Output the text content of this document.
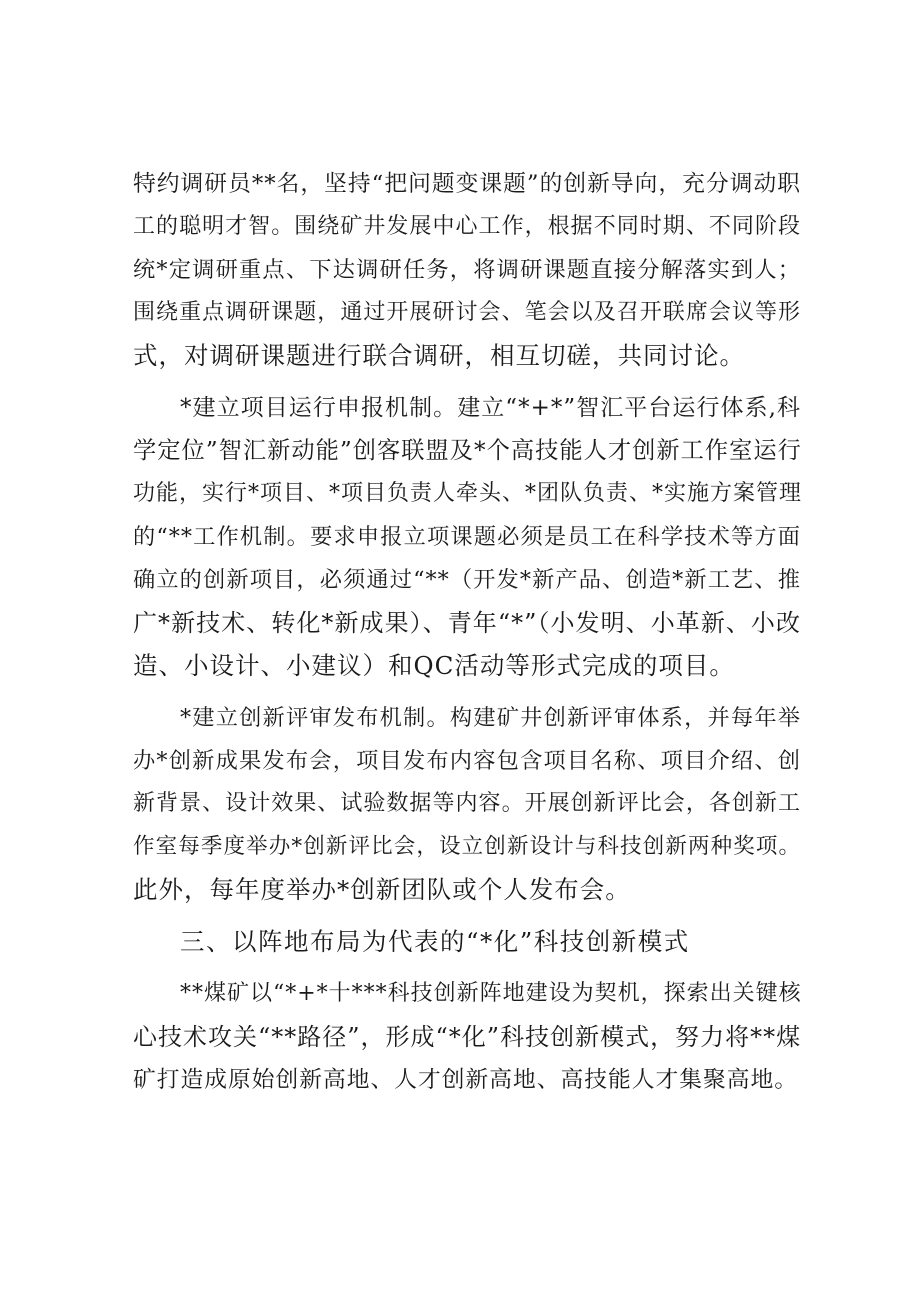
特约调研员**名，坚持“把问题变课题”的创新导向，充分调动职
工的聪明才智。围绕矿井发展中心工作，根据不同时期、不同阶段
统*定调研重点、下达调研任务，将调研课题直接分解落实到人；
围绕重点调研课题，通过开展研讨会、笔会以及召开联席会议等形
式，对调研课题进行联合调研，相互切磋，共同讨论。
*建立项目运行申报机制。建立“*+*”智汇平台运行体系,科
学定位”智汇新动能”创客联盟及*个高技能人才创新工作室运行
功能，实行*项目、*项目负责人牵头、*团队负责、*实施方案管理
的“**工作机制。要求申报立项课题必须是员工在科学技术等方面
确立的创新项目，必须通过“**（开发*新产品、创造*新工艺、推
广*新技术、转化*新成果）、青年“*”（小发明、小革新、小改
造、小设计、小建议）和QC活动等形式完成的项目。
*建立创新评审发布机制。构建矿井创新评审体系，并每年举
办*创新成果发布会，项目发布内容包含项目名称、项目介绍、创
新背景、设计效果、试验数据等内容。开展创新评比会，各创新工
作室每季度举办*创新评比会，设立创新设计与科技创新两种奖项。
此外，每年度举办*创新团队或个人发布会。
三、以阵地布局为代表的“*化”科技创新模式
**煤矿以“*+*十***科技创新阵地建设为契机，探索出关键核
心技术攻关“**路径”，形成“*化”科技创新模式，努力将**煤
矿打造成原始创新高地、人才创新高地、高技能人才集聚高地。
